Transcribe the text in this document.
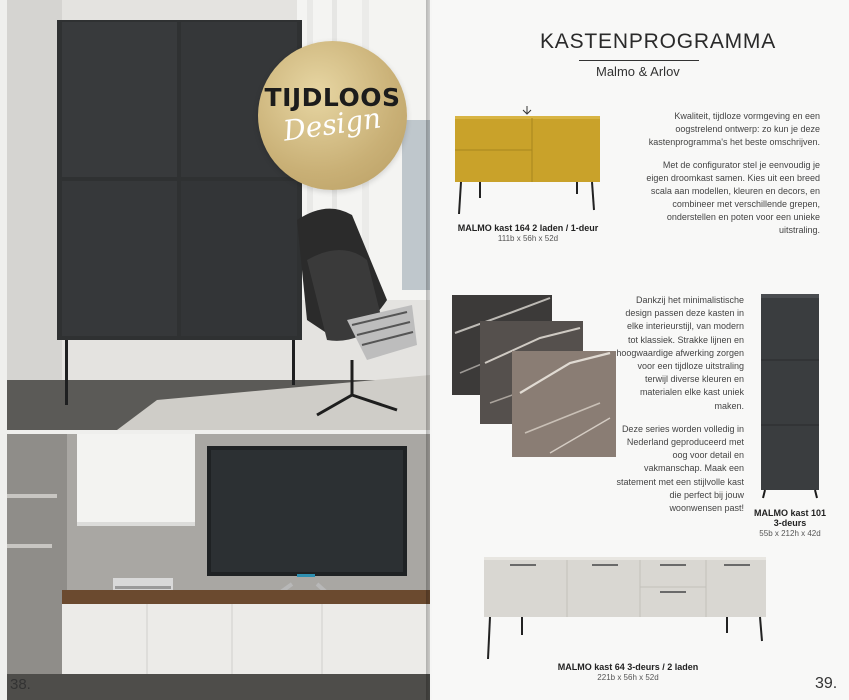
TIJDLOOS
Design
38.
KASTENPROGRAMMA
Malmo & Arlov
MALMO kast 164 2 laden / 1-deur
111b x 56h x 52d

Kwaliteit, tijdloze vormgeving en een oogstrelend ontwerp: zo kun je deze kastenprogramma's het beste omschrijven.

Met de configurator stel je eenvoudig je eigen droomkast samen. Kies uit een breed scala aan modellen, kleuren en decors, en combineer met verschillende grepen, onderstellen en poten voor een unieke uitstraling.

Dankzij het minimalistische design passen deze kasten in elke interieurstijl, van modern tot klassiek. Strakke lijnen en hoogwaardige afwerking zorgen voor een tijdloze uitstraling terwijl diverse kleuren en materialen elke kast uniek maken.

Deze series worden volledig in Nederland geproduceerd met oog voor detail en vakmanschap. Maak een statement met een stijlvolle kast die perfect bij jouw woonwensen past!	MALMO kast 101 3-deurs
55b x 212h x 42d
MALMO kast 64 3-deurs / 2 laden
221b x 56h x 52d	39.
